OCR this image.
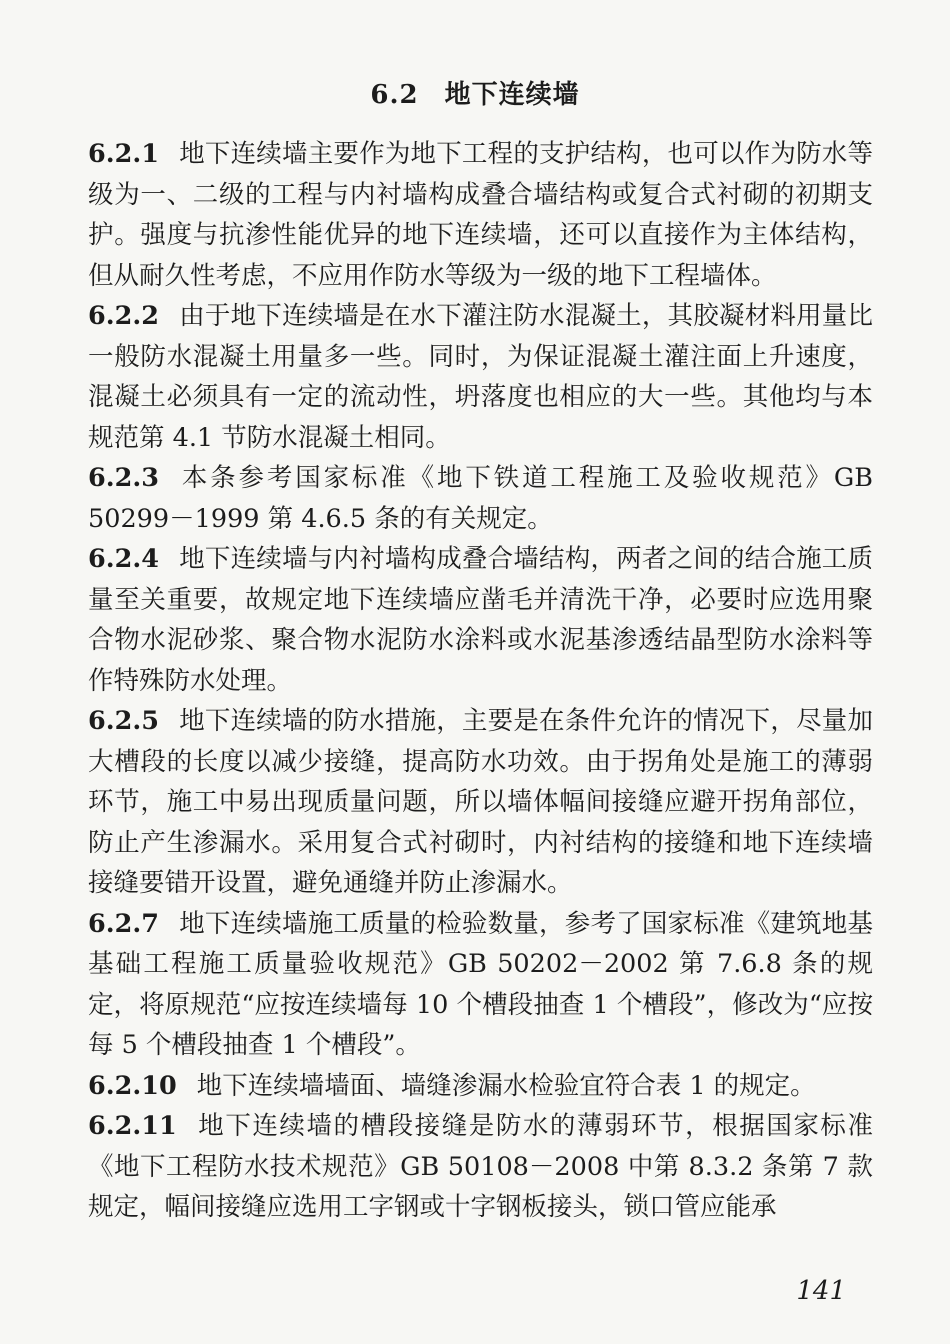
6.2 地下连续墙

6.2.1 地下连续墙主要作为地下工程的支护结构，也可以作为防水等级为一、二级的工程与内衬墙构成叠合墙结构或复合式衬砌的初期支护。强度与抗渗性能优异的地下连续墙，还可以直接作为主体结构，但从耐久性考虑，不应用作防水等级为一级的地下工程墙体。

6.2.2 由于地下连续墙是在水下灌注防水混凝土，其胶凝材料用量比一般防水混凝土用量多一些。同时，为保证混凝土灌注面上升速度，混凝土必须具有一定的流动性，坍落度也相应的大一些。其他均与本规范第 4.1 节防水混凝土相同。

6.2.3 本条参考国家标准《地下铁道工程施工及验收规范》GB 50299－1999 第 4.6.5 条的有关规定。

6.2.4 地下连续墙与内衬墙构成叠合墙结构，两者之间的结合施工质量至关重要，故规定地下连续墙应凿毛并清洗干净，必要时应选用聚合物水泥砂浆、聚合物水泥防水涂料或水泥基渗透结晶型防水涂料等作特殊防水处理。

6.2.5 地下连续墙的防水措施，主要是在条件允许的情况下，尽量加大槽段的长度以减少接缝，提高防水功效。由于拐角处是施工的薄弱环节，施工中易出现质量问题，所以墙体幅间接缝应避开拐角部位，防止产生渗漏水。采用复合式衬砌时，内衬结构的接缝和地下连续墙接缝要错开设置，避免通缝并防止渗漏水。

6.2.7 地下连续墙施工质量的检验数量，参考了国家标准《建筑地基基础工程施工质量验收规范》GB 50202－2002 第 7.6.8 条的规定，将原规范“应按连续墙每 10 个槽段抽查 1 个槽段”，修改为“应按每 5 个槽段抽查 1 个槽段”。

6.2.10 地下连续墙墙面、墙缝渗漏水检验宜符合表 1 的规定。

6.2.11 地下连续墙的槽段接缝是防水的薄弱环节，根据国家标准《地下工程防水技术规范》GB 50108－2008 中第 8.3.2 条第 7 款规定，幅间接缝应选用工字钢或十字钢板接头，锁口管应能承

141
